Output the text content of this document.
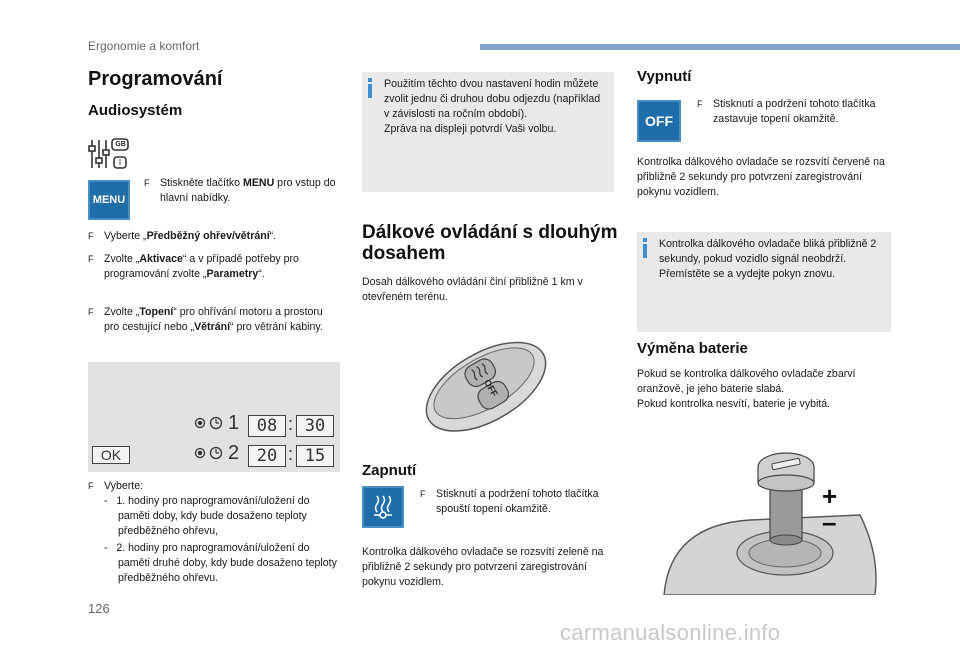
Ergonomie a komfort
Programování
Audiosystém
GB
I
MENU
F Stiskněte tlačítko MENU pro vstup do hlavní nabídky.
F Vyberte „Předběžný ohřev/větrání“.
F Zvolte „Aktivace“ a v případě potřeby pro programování zvolte „Parametry“.
F Zvolte „Topení“ pro ohřívání motoru a prostoru pro cestující nebo „Větrání“ pro větrání kabiny.
1	08 : 30
OK	2	20 : 15
F Vyberte:
-   1. hodiny pro naprogramování/uložení do paměti doby, kdy bude dosaženo teploty předběžného ohřevu,
-   2. hodiny pro naprogramování/uložení do paměti druhé doby, kdy bude dosaženo teploty předběžného ohřevu.
Použitím těchto dvou nastavení hodin můžete zvolit jednu či druhou dobu odjezdu (například v závislosti na ročním období).
Zpráva na displeji potvrdí Vaši volbu.
Dálkové ovládání s dlouhým
dosahem
Dosah dálkového ovládání činí přibližně 1 km v otevřeném terénu.
OFF
Zapnutí
F Stisknutí a podržení tohoto tlačítka spouští topení okamžitě.
Kontrolka dálkového ovladače se rozsvítí zeleně na přibližně 2 sekundy pro potvrzení zaregistrování pokynu vozidlem.
Vypnutí
OFF
F Stisknutí a podržení tohoto tlačítka zastavuje topení okamžitě.
Kontrolka dálkového ovladače se rozsvítí červeně na přibližně 2 sekundy pro potvrzení zaregistrování pokynu vozidlem.
Kontrolka dálkového ovladače bliká přibližně 2 sekundy, pokud vozidlo signál neobdrží.
Přemístěte se a vydejte pokyn znovu.
Výměna baterie
Pokud se kontrolka dálkového ovladače zbarví oranžově, je jeho baterie slabá.
Pokud kontrolka nesvítí, baterie je vybitá.
+
–
126
carmanualsonline.info
